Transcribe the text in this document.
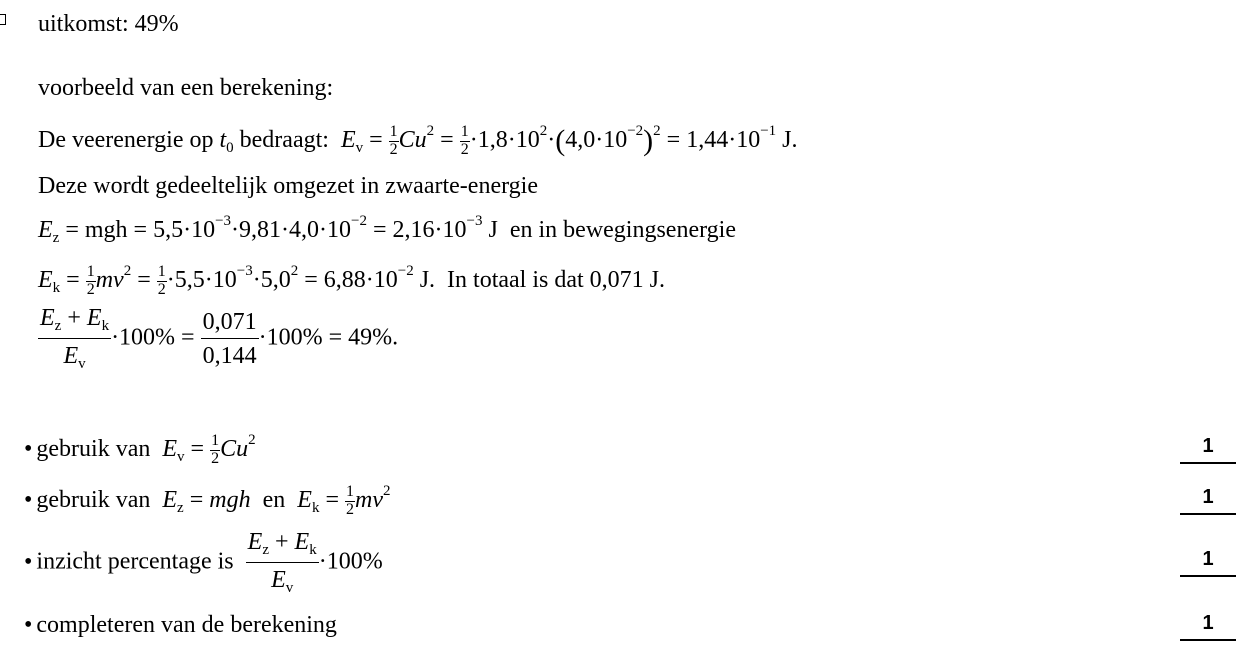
uitkomst: 49%
voorbeeld van een berekening:
De veerenergie op $t_0$ bedraagt: $E_v = \frac{1}{2} Cu^2 = \frac{1}{2} \cdot 1,8\cdot 10^2\cdot(4,0\cdot 10^{-2})^2 = 1,44\cdot 10^{-1}$ J.
Deze wordt gedeeltelijk omgezet in zwaarte-energie
$E_z$ = mgh = $5,5\cdot 10^{-3}\cdot 9,81\cdot 4,0\cdot 10^{-2} = 2,16\cdot 10^{-3}$ J en in bewegingsenergie
$E_k = \frac{1}{2} mv^2 = \frac{1}{2} \cdot 5,5\cdot 10^{-3}\cdot 5,0^2 = 6,88\cdot 10^{-2}$ J. In totaal is dat 0,071 J.
$\frac{E_z + E_k}{E_v} \cdot 100\% = \frac{0,071}{0,144} \cdot 100\% = 49\%$.
• gebruik van $E_v = \frac{1}{2} Cu^2$	1
• gebruik van $E_z$ = mgh en $E_k = \frac{1}{2} mv^2$	1
• inzicht percentage is $\frac{E_z + E_k}{E_v} \cdot 100\%$	1
• completeren van de berekening	1
